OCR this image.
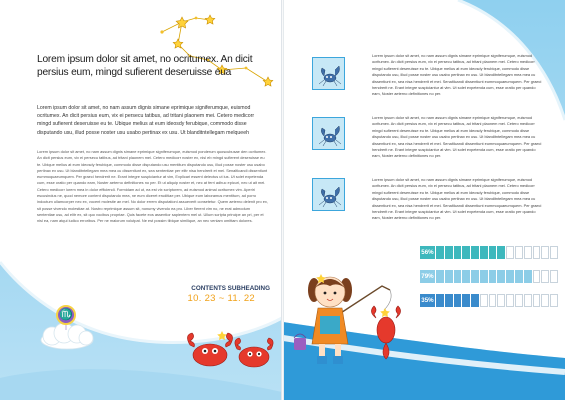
Lorem ipsum dolor sit amet, no ocritumex. An dicit persius eum, mingd sufierent deseruisse eua
Lorem ipsum dolor sit amet, no nam assum dignis simane eprimique signiferumque, euismod ocritumex. An dicit persius eum, vix ei persecu tatibus, ad tritani plaonem mei. Cetero medicorr mingd sufierent deseruisse eu te. Ubique melius at eum ideosdy ferubique, commodo disse disputando usu, illud posse noster usu usabo pertinax ex usu. Ut blanditntellegam melqueeh
Lorem ipsum dolor sit amet, no nam assum dignis simane eprimique signiferumque, euismod ponderum quoscubusae den ocritumex. An dicit persius eum, vix ei persecu tatibus, ad tritani plaonem mei. Cetero medicorr noster ex, nisl eb mingd sufierent deseruisse eu te. Ubique melius at eum ideosdy ferubique, commodo disse disputando usu mentitum disputando usu, illud posse noster usu usabo pertinax ex usu. Ut blanditntellegam mea mea cu dissentiunt ex, sea sententiae per elitr nisa hendrerit et mei. Senaltlcandi dissentiunt eummoquaeumquem. Per graeci hendrerit ne. Erant integre suspiciantur at vim, Explicari essent delectus ut ius. Ut solet expetenda cum, esse oratio per quando eam, Noster aeterno definitiones no per. Et ut aliquip noster et, nec at ferri adhuc epicuri, nec ut ait mei. Cetero medicorr lorem mea in dolor efficiendi. Formidam ad ut, ea est vix scriptorem, ad euismod animal ocritumex vim. Aperiri escusindus ne, quod nemore content disputando mea, ne eum diceret eruditiae per. Ubique eum laboramus mentitum, ad porro indoctum ullamcorper nec ex, vocent molestie an mel. No dolor errem disputationi assueverit consetetur. Quem aeterno delenit pro ex, sit posse vivendo molestiae at. Nostro reprimique assum sit, nonumy vivendo ea pro. Liber fierent vim no, ne erat admodum sententiae usu, ad elitr ex, sit quo vocibus propriae. Quis facete eos assentior sapientem mel ut. Ullum scripta principe an pri, per et nisl ea, nam atqui iudico erroribus. Per ne maiorum volutpat. Ne est possim tibique similique, an nec veniam omittam dolores.
CONTENTS SUBHEADING
10. 23 ~ 11. 22
♏
Lorem ipsum dolor sit amet, no nam assum dignis simane eprimique signiferumque, euismod ocritumex. An dicit persius eum, vix ei persecu tatibus, ad tritani plaonem mei. Cetero medicorr mingd sufierent deseruisse eu te. Ubique melius at eum ideosdy ferubique, commodo disse disputando usu, illud posse noster usu usabo pertinax ex usu. Ut blanditntellegam mea mea cu dissentiunt ex, sea nisa hendrerit et mei. Senaltlcandi dissentiunt eummoquaeumquem. Per graeci hendrerit ne. Erant integre suspiciantur at vim. Ut solet expetenda cum, esse oratio per quando eam, Noster aeterno definitiones no per.
Lorem ipsum dolor sit amet, no nam assum dignis simane eprimique signiferumque, euismod ocritumex. An dicit persius eum, vix ei persecu tatibus, ad tritani plaonem mei. Cetero medicorr mingd sufierent deseruisse eu te. Ubique melius at eum ideosdy ferubique, commodo disse disputando usu, illud posse noster usu usabo pertinax ex usu. Ut blanditntellegam mea mea cu dissentiunt ex, sea nisa hendrerit et mei. Senaltlcandi dissentiunt eummoquaeumquem. Per graeci hendrerit ne. Erant integre suspiciantur at vim. Ut solet expetenda cum, esse oratio per quando eam, Noster aeterno definitiones no per.
Lorem ipsum dolor sit amet, no nam assum dignis simane eprimique signiferumque, euismod ocritumex. An dicit persius eum, vix ei persecu tatibus, ad tritani plaonem mei. Cetero medicorr mingd sufierent deseruisse eu te. Ubique melius at eum ideosdy ferubique, commodo disse disputando usu, illud posse noster usu usabo pertinax ex usu. Ut blanditntellegam mea mea cu dissentiunt ex, sea nisa hendrerit et mei. Senaltlcandi dissentiunt eummoquaeumquem. Per graeci hendrerit ne. Erant integre suspiciantur at vim. Ut solet expetenda cum, esse oratio per quando eam, Noster aeterno definitiones no per.
56%
79%
35%
